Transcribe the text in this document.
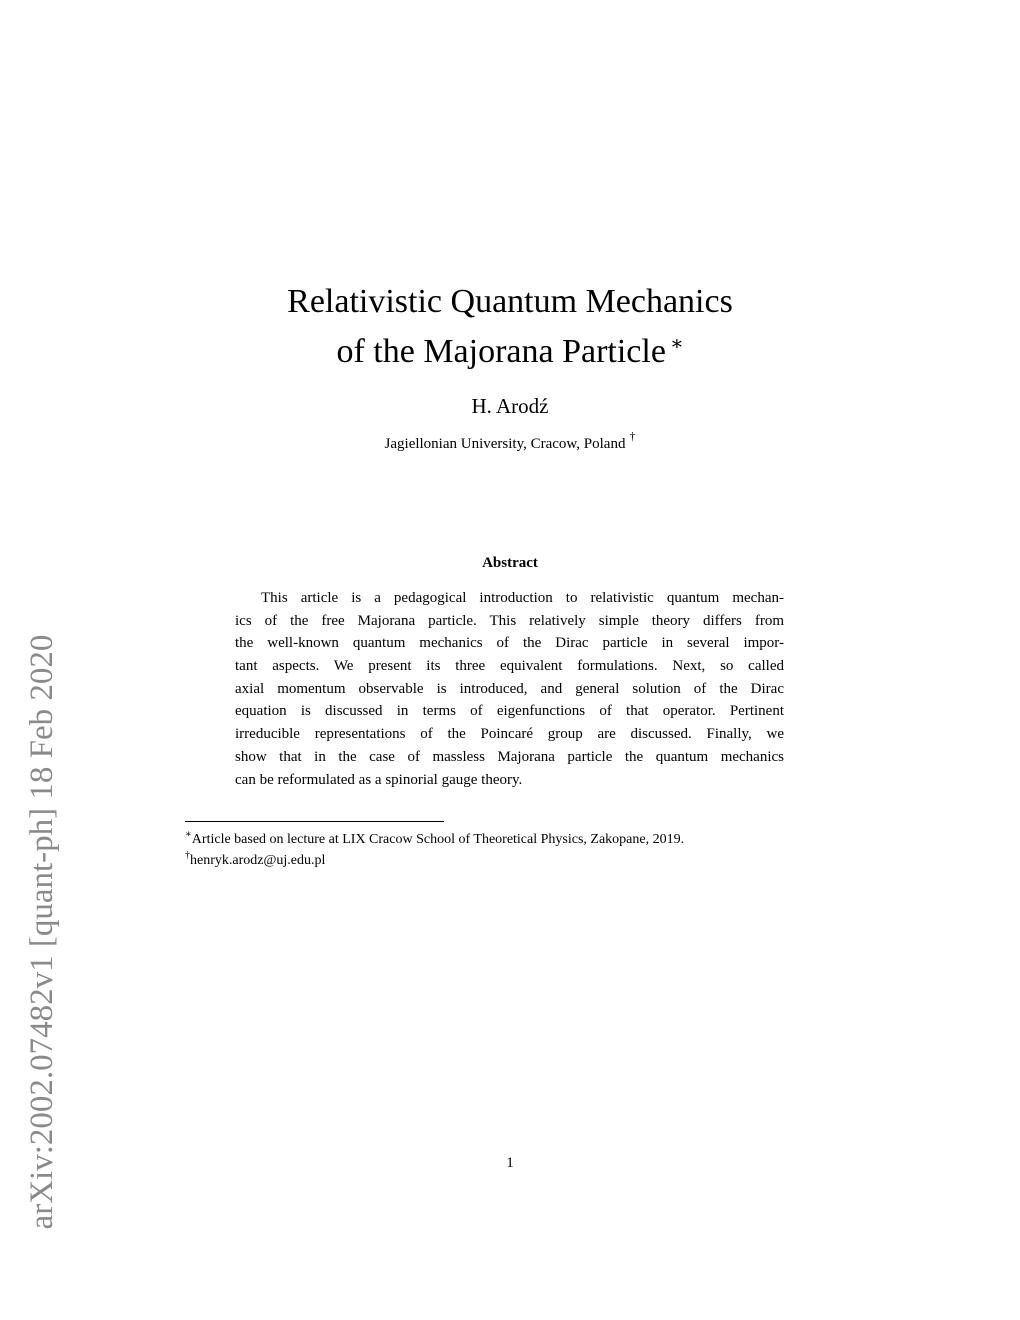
arXiv:2002.07482v1 [quant-ph] 18 Feb 2020
Relativistic Quantum Mechanics
of the Majorana Particle ∗
H. Arodź
Jagiellonian University, Cracow, Poland †
Abstract
This article is a pedagogical introduction to relativistic quantum mechan-
ics of the free Majorana particle. This relatively simple theory differs from
the well-known quantum mechanics of the Dirac particle in several impor-
tant aspects. We present its three equivalent formulations. Next, so called
axial momentum observable is introduced, and general solution of the Dirac
equation is discussed in terms of eigenfunctions of that operator. Pertinent
irreducible representations of the Poincaré group are discussed. Finally, we
show that in the case of massless Majorana particle the quantum mechanics
can be reformulated as a spinorial gauge theory.
∗Article based on lecture at LIX Cracow School of Theoretical Physics, Zakopane, 2019.
†henryk.arodz@uj.edu.pl
1
